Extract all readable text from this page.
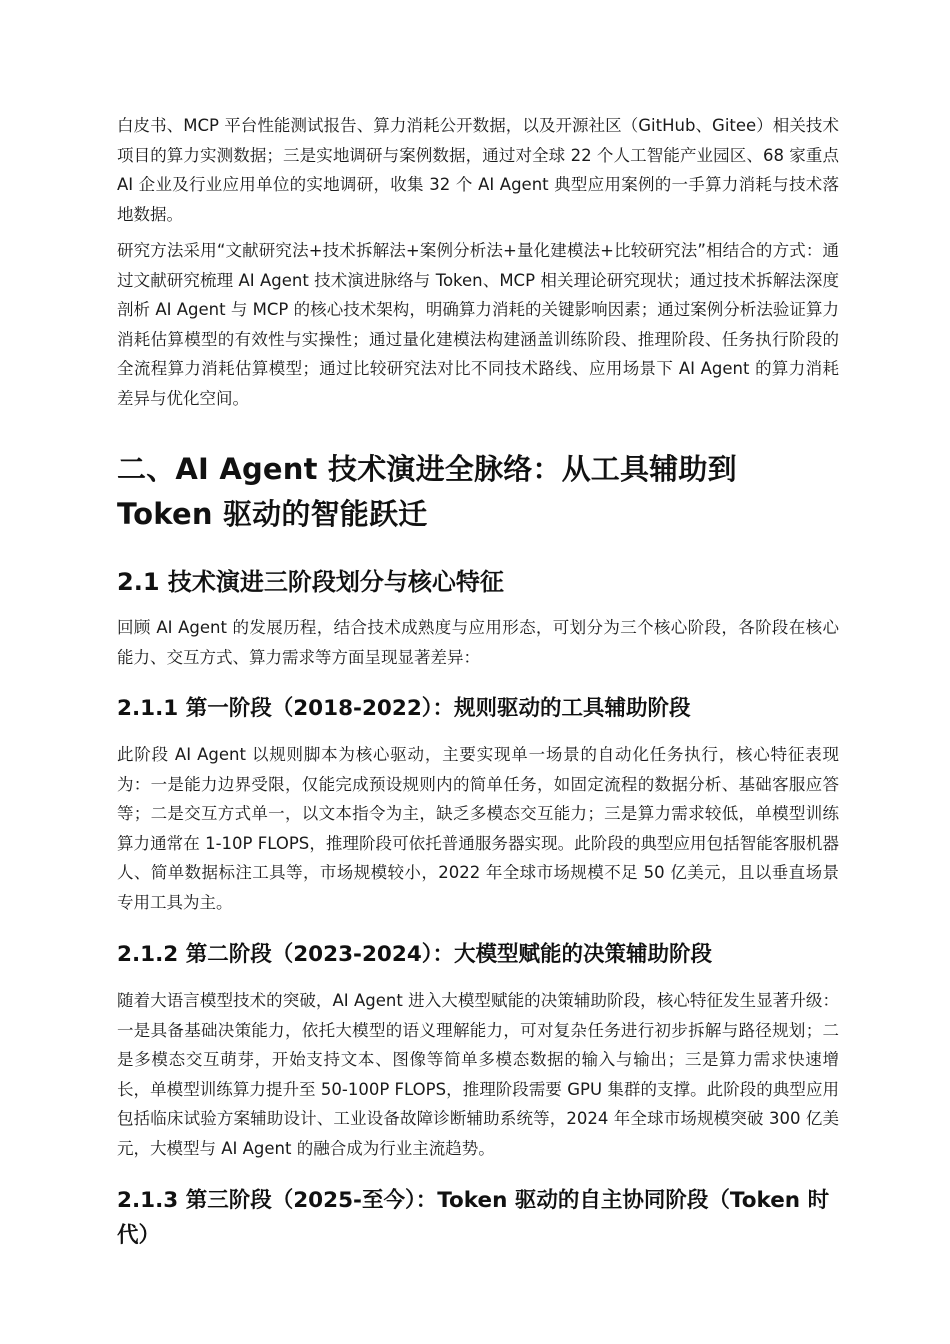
白皮书、MCP 平台性能测试报告、算力消耗公开数据，以及开源社区（GitHub、Gitee）相关技术项目的算力实测数据；三是实地调研与案例数据，通过对全球 22 个人工智能产业园区、68 家重点 AI 企业及行业应用单位的实地调研，收集 32 个 AI Agent 典型应用案例的一手算力消耗与技术落地数据。

研究方法采用“文献研究法+技术拆解法+案例分析法+量化建模法+比较研究法”相结合的方式：通过文献研究梳理 AI Agent 技术演进脉络与 Token、MCP 相关理论研究现状；通过技术拆解法深度剖析 AI Agent 与 MCP 的核心技术架构，明确算力消耗的关键影响因素；通过案例分析法验证算力消耗估算模型的有效性与实操性；通过量化建模法构建涵盖训练阶段、推理阶段、任务执行阶段的全流程算力消耗估算模型；通过比较研究法对比不同技术路线、应用场景下 AI Agent 的算力消耗差异与优化空间。

二、AI Agent 技术演进全脉络：从工具辅助到 Token 驱动的智能跃迁
2.1 技术演进三阶段划分与核心特征

回顾 AI Agent 的发展历程，结合技术成熟度与应用形态，可划分为三个核心阶段，各阶段在核心能力、交互方式、算力需求等方面呈现显著差异：

2.1.1 第一阶段（2018-2022）：规则驱动的工具辅助阶段

此阶段 AI Agent 以规则脚本为核心驱动，主要实现单一场景的自动化任务执行，核心特征表现为：一是能力边界受限，仅能完成预设规则内的简单任务，如固定流程的数据分析、基础客服应答等；二是交互方式单一，以文本指令为主，缺乏多模态交互能力；三是算力需求较低，单模型训练算力通常在 1-10P FLOPS，推理阶段可依托普通服务器实现。此阶段的典型应用包括智能客服机器人、简单数据标注工具等，市场规模较小，2022 年全球市场规模不足 50 亿美元，且以垂直场景专用工具为主。

2.1.2 第二阶段（2023-2024）：大模型赋能的决策辅助阶段

随着大语言模型技术的突破，AI Agent 进入大模型赋能的决策辅助阶段，核心特征发生显著升级：一是具备基础决策能力，依托大模型的语义理解能力，可对复杂任务进行初步拆解与路径规划；二是多模态交互萌芽，开始支持文本、图像等简单多模态数据的输入与输出；三是算力需求快速增长，单模型训练算力提升至 50-100P FLOPS，推理阶段需要 GPU 集群的支撑。此阶段的典型应用包括临床试验方案辅助设计、工业设备故障诊断辅助系统等，2024 年全球市场规模突破 300 亿美元，大模型与 AI Agent 的融合成为行业主流趋势。

2.1.3 第三阶段（2025-至今）：Token 驱动的自主协同阶段（Token 时代）
